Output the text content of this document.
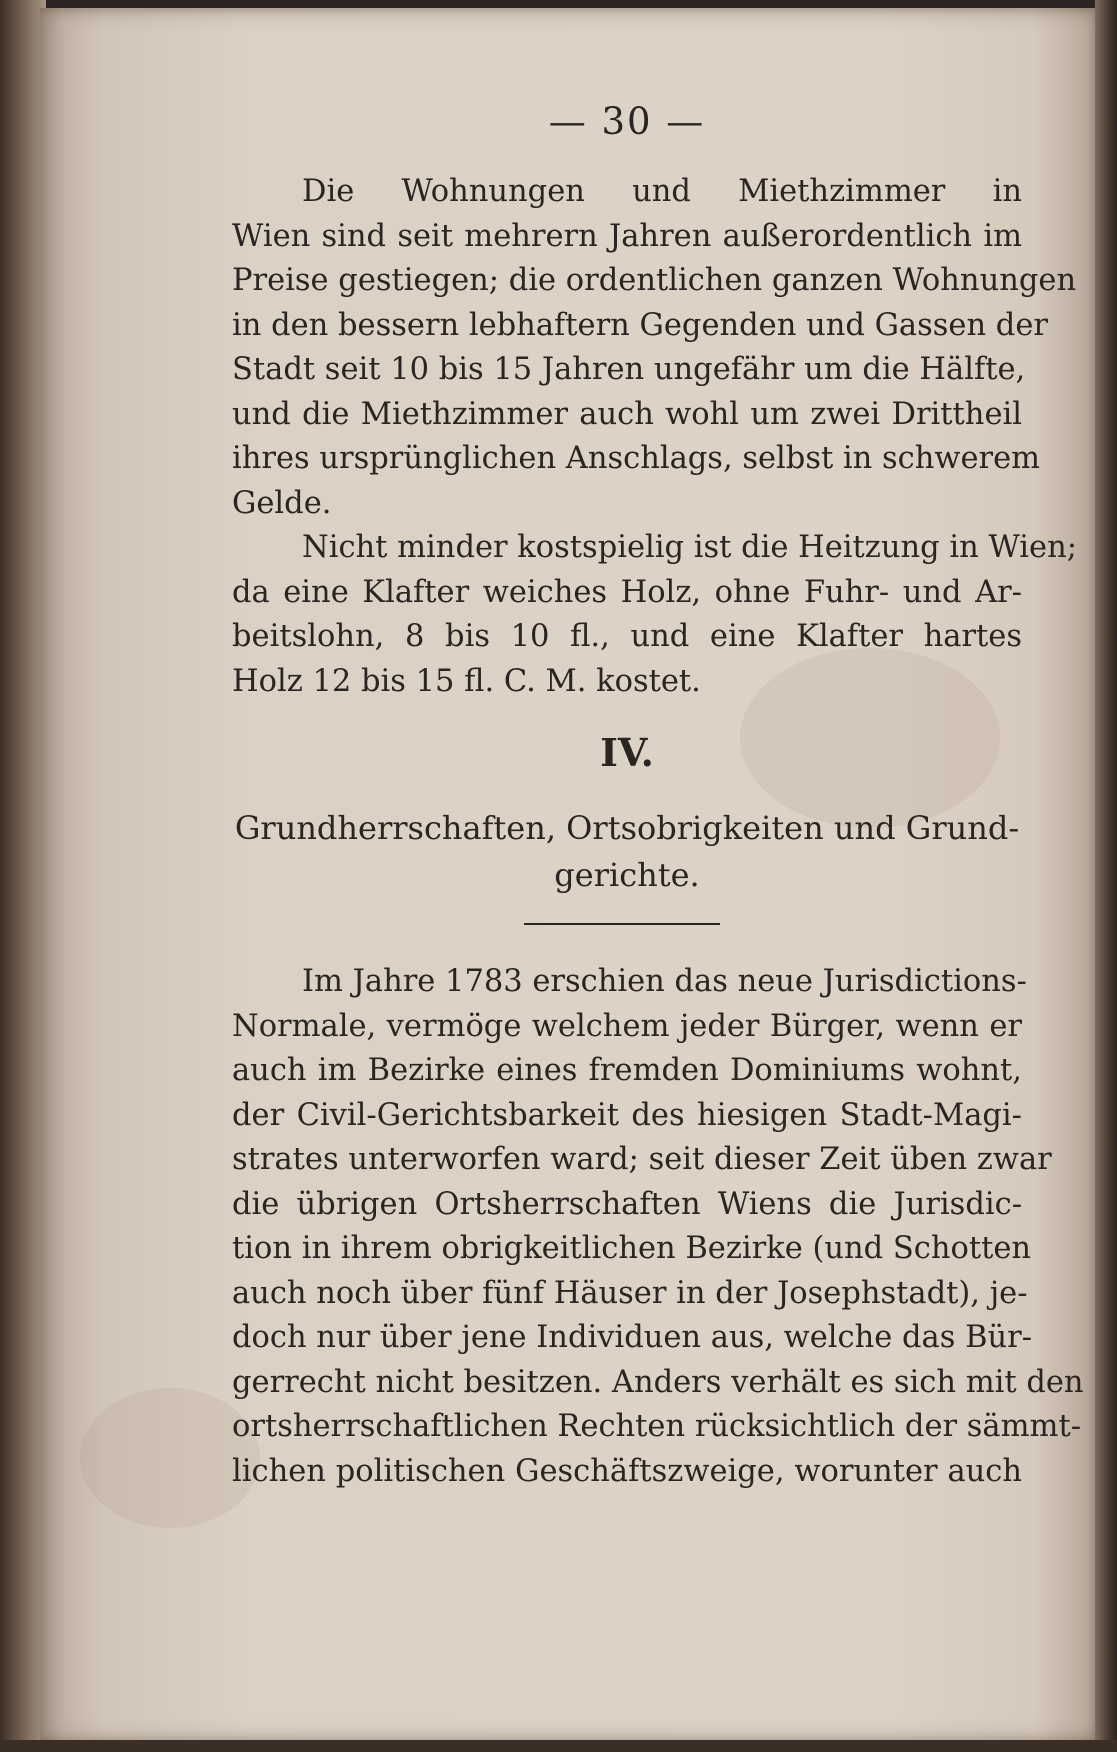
— 30 —
Die Wohnungen und Miethzimmer in
Wien sind seit mehrern Jahren außerordentlich im
Preise gestiegen; die ordentlichen ganzen Wohnungen
in den bessern lebhaftern Gegenden und Gassen der
Stadt seit 10 bis 15 Jahren ungefähr um die Hälfte,
und die Miethzimmer auch wohl um zwei Drittheil
ihres ursprünglichen Anschlags, selbst in schwerem
Gelde.
Nicht minder kostspielig ist die Heitzung in Wien;
da eine Klafter weiches Holz, ohne Fuhr- und Ar-
beitslohn, 8 bis 10 fl., und eine Klafter hartes
Holz 12 bis 15 fl. C. M. kostet.
IV.
Grundherrschaften, Ortsobrigkeiten und Grund-
gerichte.
Im Jahre 1783 erschien das neue Jurisdictions-
Normale, vermöge welchem jeder Bürger, wenn er
auch im Bezirke eines fremden Dominiums wohnt,
der Civil-Gerichtsbarkeit des hiesigen Stadt-Magi-
strates unterworfen ward; seit dieser Zeit üben zwar
die übrigen Ortsherrschaften Wiens die Jurisdic-
tion in ihrem obrigkeitlichen Bezirke (und Schotten
auch noch über fünf Häuser in der Josephstadt), je-
doch nur über jene Individuen aus, welche das Bür-
gerrecht nicht besitzen. Anders verhält es sich mit den
ortsherrschaftlichen Rechten rücksichtlich der sämmt-
lichen politischen Geschäftszweige, worunter auch
